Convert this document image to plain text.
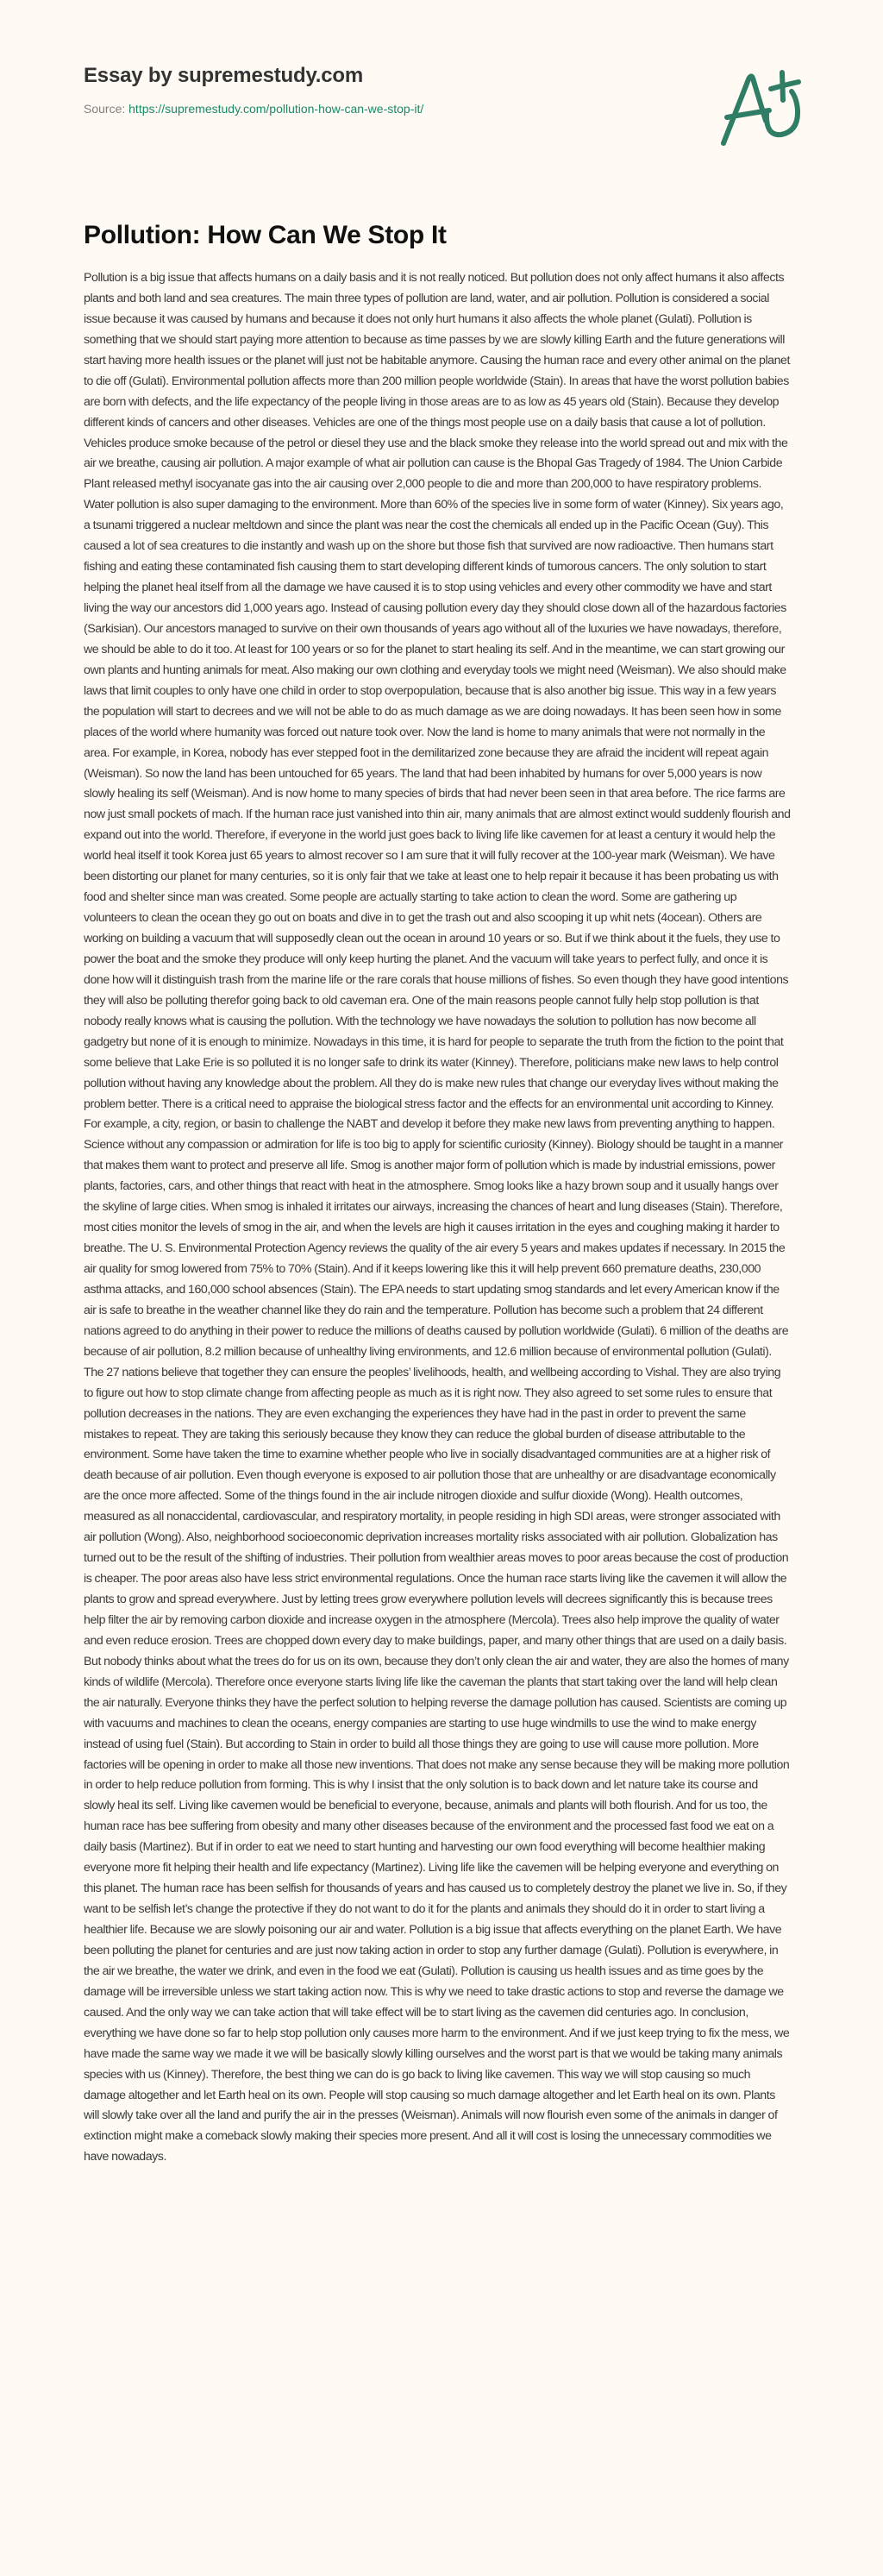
Essay by supremestudy.com
Source: https://supremestudy.com/pollution-how-can-we-stop-it/
Pollution: How Can We Stop It

Pollution is a big issue that affects humans on a daily basis and it is not really noticed. But pollution does not only affect humans it also affects plants and both land and sea creatures. The main three types of pollution are land, water, and air pollution. Pollution is considered a social issue because it was caused by humans and because it does not only hurt humans it also affects the whole planet (Gulati). Pollution is something that we should start paying more attention to because as time passes by we are slowly killing Earth and the future generations will start having more health issues or the planet will just not be habitable anymore. Causing the human race and every other animal on the planet to die off (Gulati). Environmental pollution affects more than 200 million people worldwide (Stain). In areas that have the worst pollution babies are born with defects, and the life expectancy of the people living in those areas are to as low as 45 years old (Stain). Because they develop different kinds of cancers and other diseases. Vehicles are one of the things most people use on a daily basis that cause a lot of pollution. Vehicles produce smoke because of the petrol or diesel they use and the black smoke they release into the world spread out and mix with the air we breathe, causing air pollution. A major example of what air pollution can cause is the Bhopal Gas Tragedy of 1984. The Union Carbide Plant released methyl isocyanate gas into the air causing over 2,000 people to die and more than 200,000 to have respiratory problems. Water pollution is also super damaging to the environment. More than 60% of the species live in some form of water (Kinney). Six years ago, a tsunami triggered a nuclear meltdown and since the plant was near the cost the chemicals all ended up in the Pacific Ocean (Guy). This caused a lot of sea creatures to die instantly and wash up on the shore but those fish that survived are now radioactive. Then humans start fishing and eating these contaminated fish causing them to start developing different kinds of tumorous cancers. The only solution to start helping the planet heal itself from all the damage we have caused it is to stop using vehicles and every other commodity we have and start living the way our ancestors did 1,000 years ago. Instead of causing pollution every day they should close down all of the hazardous factories (Sarkisian). Our ancestors managed to survive on their own thousands of years ago without all of the luxuries we have nowadays, therefore, we should be able to do it too. At least for 100 years or so for the planet to start healing its self. And in the meantime, we can start growing our own plants and hunting animals for meat. Also making our own clothing and everyday tools we might need (Weisman). We also should make laws that limit couples to only have one child in order to stop overpopulation, because that is also another big issue. This way in a few years the population will start to decrees and we will not be able to do as much damage as we are doing nowadays. It has been seen how in some places of the world where humanity was forced out nature took over. Now the land is home to many animals that were not normally in the area. For example, in Korea, nobody has ever stepped foot in the demilitarized zone because they are afraid the incident will repeat again (Weisman). So now the land has been untouched for 65 years. The land that had been inhabited by humans for over 5,000 years is now slowly healing its self (Weisman). And is now home to many species of birds that had never been seen in that area before. The rice farms are now just small pockets of mach. If the human race just vanished into thin air, many animals that are almost extinct would suddenly flourish and expand out into the world. Therefore, if everyone in the world just goes back to living life like cavemen for at least a century it would help the world heal itself it took Korea just 65 years to almost recover so I am sure that it will fully recover at the 100-year mark (Weisman). We have been distorting our planet for many centuries, so it is only fair that we take at least one to help repair it because it has been probating us with food and shelter since man was created. Some people are actually starting to take action to clean the word. Some are gathering up volunteers to clean the ocean they go out on boats and dive in to get the trash out and also scooping it up whit nets (4ocean). Others are working on building a vacuum that will supposedly clean out the ocean in around 10 years or so. But if we think about it the fuels, they use to power the boat and the smoke they produce will only keep hurting the planet. And the vacuum will take years to perfect fully, and once it is done how will it distinguish trash from the marine life or the rare corals that house millions of fishes. So even though they have good intentions they will also be polluting therefor going back to old caveman era. One of the main reasons people cannot fully help stop pollution is that nobody really knows what is causing the pollution. With the technology we have nowadays the solution to pollution has now become all gadgetry but none of it is enough to minimize. Nowadays in this time, it is hard for people to separate the truth from the fiction to the point that some believe that Lake Erie is so polluted it is no longer safe to drink its water (Kinney). Therefore, politicians make new laws to help control pollution without having any knowledge about the problem. All they do is make new rules that change our everyday lives without making the problem better. There is a critical need to appraise the biological stress factor and the effects for an environmental unit according to Kinney. For example, a city, region, or basin to challenge the NABT and develop it before they make new laws from preventing anything to happen. Science without any compassion or admiration for life is too big to apply for scientific curiosity (Kinney). Biology should be taught in a manner that makes them want to protect and preserve all life. Smog is another major form of pollution which is made by industrial emissions, power plants, factories, cars, and other things that react with heat in the atmosphere. Smog looks like a hazy brown soup and it usually hangs over the skyline of large cities. When smog is inhaled it irritates our airways, increasing the chances of heart and lung diseases (Stain). Therefore, most cities monitor the levels of smog in the air, and when the levels are high it causes irritation in the eyes and coughing making it harder to breathe. The U. S. Environmental Protection Agency reviews the quality of the air every 5 years and makes updates if necessary. In 2015 the air quality for smog lowered from 75% to 70% (Stain). And if it keeps lowering like this it will help prevent 660 premature deaths, 230,000 asthma attacks, and 160,000 school absences (Stain). The EPA needs to start updating smog standards and let every American know if the air is safe to breathe in the weather channel like they do rain and the temperature. Pollution has become such a problem that 24 different nations agreed to do anything in their power to reduce the millions of deaths caused by pollution worldwide (Gulati). 6 million of the deaths are because of air pollution, 8.2 million because of unhealthy living environments, and 12.6 million because of environmental pollution (Gulati). The 27 nations believe that together they can ensure the peoples’ livelihoods, health, and wellbeing according to Vishal. They are also trying to figure out how to stop climate change from affecting people as much as it is right now. They also agreed to set some rules to ensure that pollution decreases in the nations. They are even exchanging the experiences they have had in the past in order to prevent the same mistakes to repeat. They are taking this seriously because they know they can reduce the global burden of disease attributable to the environment. Some have taken the time to examine whether people who live in socially disadvantaged communities are at a higher risk of death because of air pollution. Even though everyone is exposed to air pollution those that are unhealthy or are disadvantage economically are the once more affected. Some of the things found in the air include nitrogen dioxide and sulfur dioxide (Wong). Health outcomes, measured as all nonaccidental, cardiovascular, and respiratory mortality, in people residing in high SDI areas, were stronger associated with air pollution (Wong). Also, neighborhood socioeconomic deprivation increases mortality risks associated with air pollution. Globalization has turned out to be the result of the shifting of industries. Their pollution from wealthier areas moves to poor areas because the cost of production is cheaper. The poor areas also have less strict environmental regulations. Once the human race starts living like the cavemen it will allow the plants to grow and spread everywhere. Just by letting trees grow everywhere pollution levels will decrees significantly this is because trees help filter the air by removing carbon dioxide and increase oxygen in the atmosphere (Mercola). Trees also help improve the quality of water and even reduce erosion. Trees are chopped down every day to make buildings, paper, and many other things that are used on a daily basis. But nobody thinks about what the trees do for us on its own, because they don’t only clean the air and water, they are also the homes of many kinds of wildlife (Mercola). Therefore once everyone starts living life like the caveman the plants that start taking over the land will help clean the air naturally. Everyone thinks they have the perfect solution to helping reverse the damage pollution has caused. Scientists are coming up with vacuums and machines to clean the oceans, energy companies are starting to use huge windmills to use the wind to make energy instead of using fuel (Stain). But according to Stain in order to build all those things they are going to use will cause more pollution. More factories will be opening in order to make all those new inventions. That does not make any sense because they will be making more pollution in order to help reduce pollution from forming. This is why I insist that the only solution is to back down and let nature take its course and slowly heal its self. Living like cavemen would be beneficial to everyone, because, animals and plants will both flourish. And for us too, the human race has bee suffering from obesity and many other diseases because of the environment and the processed fast food we eat on a daily basis (Martinez). But if in order to eat we need to start hunting and harvesting our own food everything will become healthier making everyone more fit helping their health and life expectancy (Martinez). Living life like the cavemen will be helping everyone and everything on this planet. The human race has been selfish for thousands of years and has caused us to completely destroy the planet we live in. So, if they want to be selfish let’s change the protective if they do not want to do it for the plants and animals they should do it in order to start living a healthier life. Because we are slowly poisoning our air and water. Pollution is a big issue that affects everything on the planet Earth. We have been polluting the planet for centuries and are just now taking action in order to stop any further damage (Gulati). Pollution is everywhere, in the air we breathe, the water we drink, and even in the food we eat (Gulati). Pollution is causing us health issues and as time goes by the damage will be irreversible unless we start taking action now. This is why we need to take drastic actions to stop and reverse the damage we caused. And the only way we can take action that will take effect will be to start living as the cavemen did centuries ago. In conclusion, everything we have done so far to help stop pollution only causes more harm to the environment. And if we just keep trying to fix the mess, we have made the same way we made it we will be basically slowly killing ourselves and the worst part is that we would be taking many animals species with us (Kinney). Therefore, the best thing we can do is go back to living like cavemen. This way we will stop causing so much damage altogether and let Earth heal on its own. People will stop causing so much damage altogether and let Earth heal on its own. Plants will slowly take over all the land and purify the air in the presses (Weisman). Animals will now flourish even some of the animals in danger of extinction might make a comeback slowly making their species more present. And all it will cost is losing the unnecessary commodities we have nowadays.
